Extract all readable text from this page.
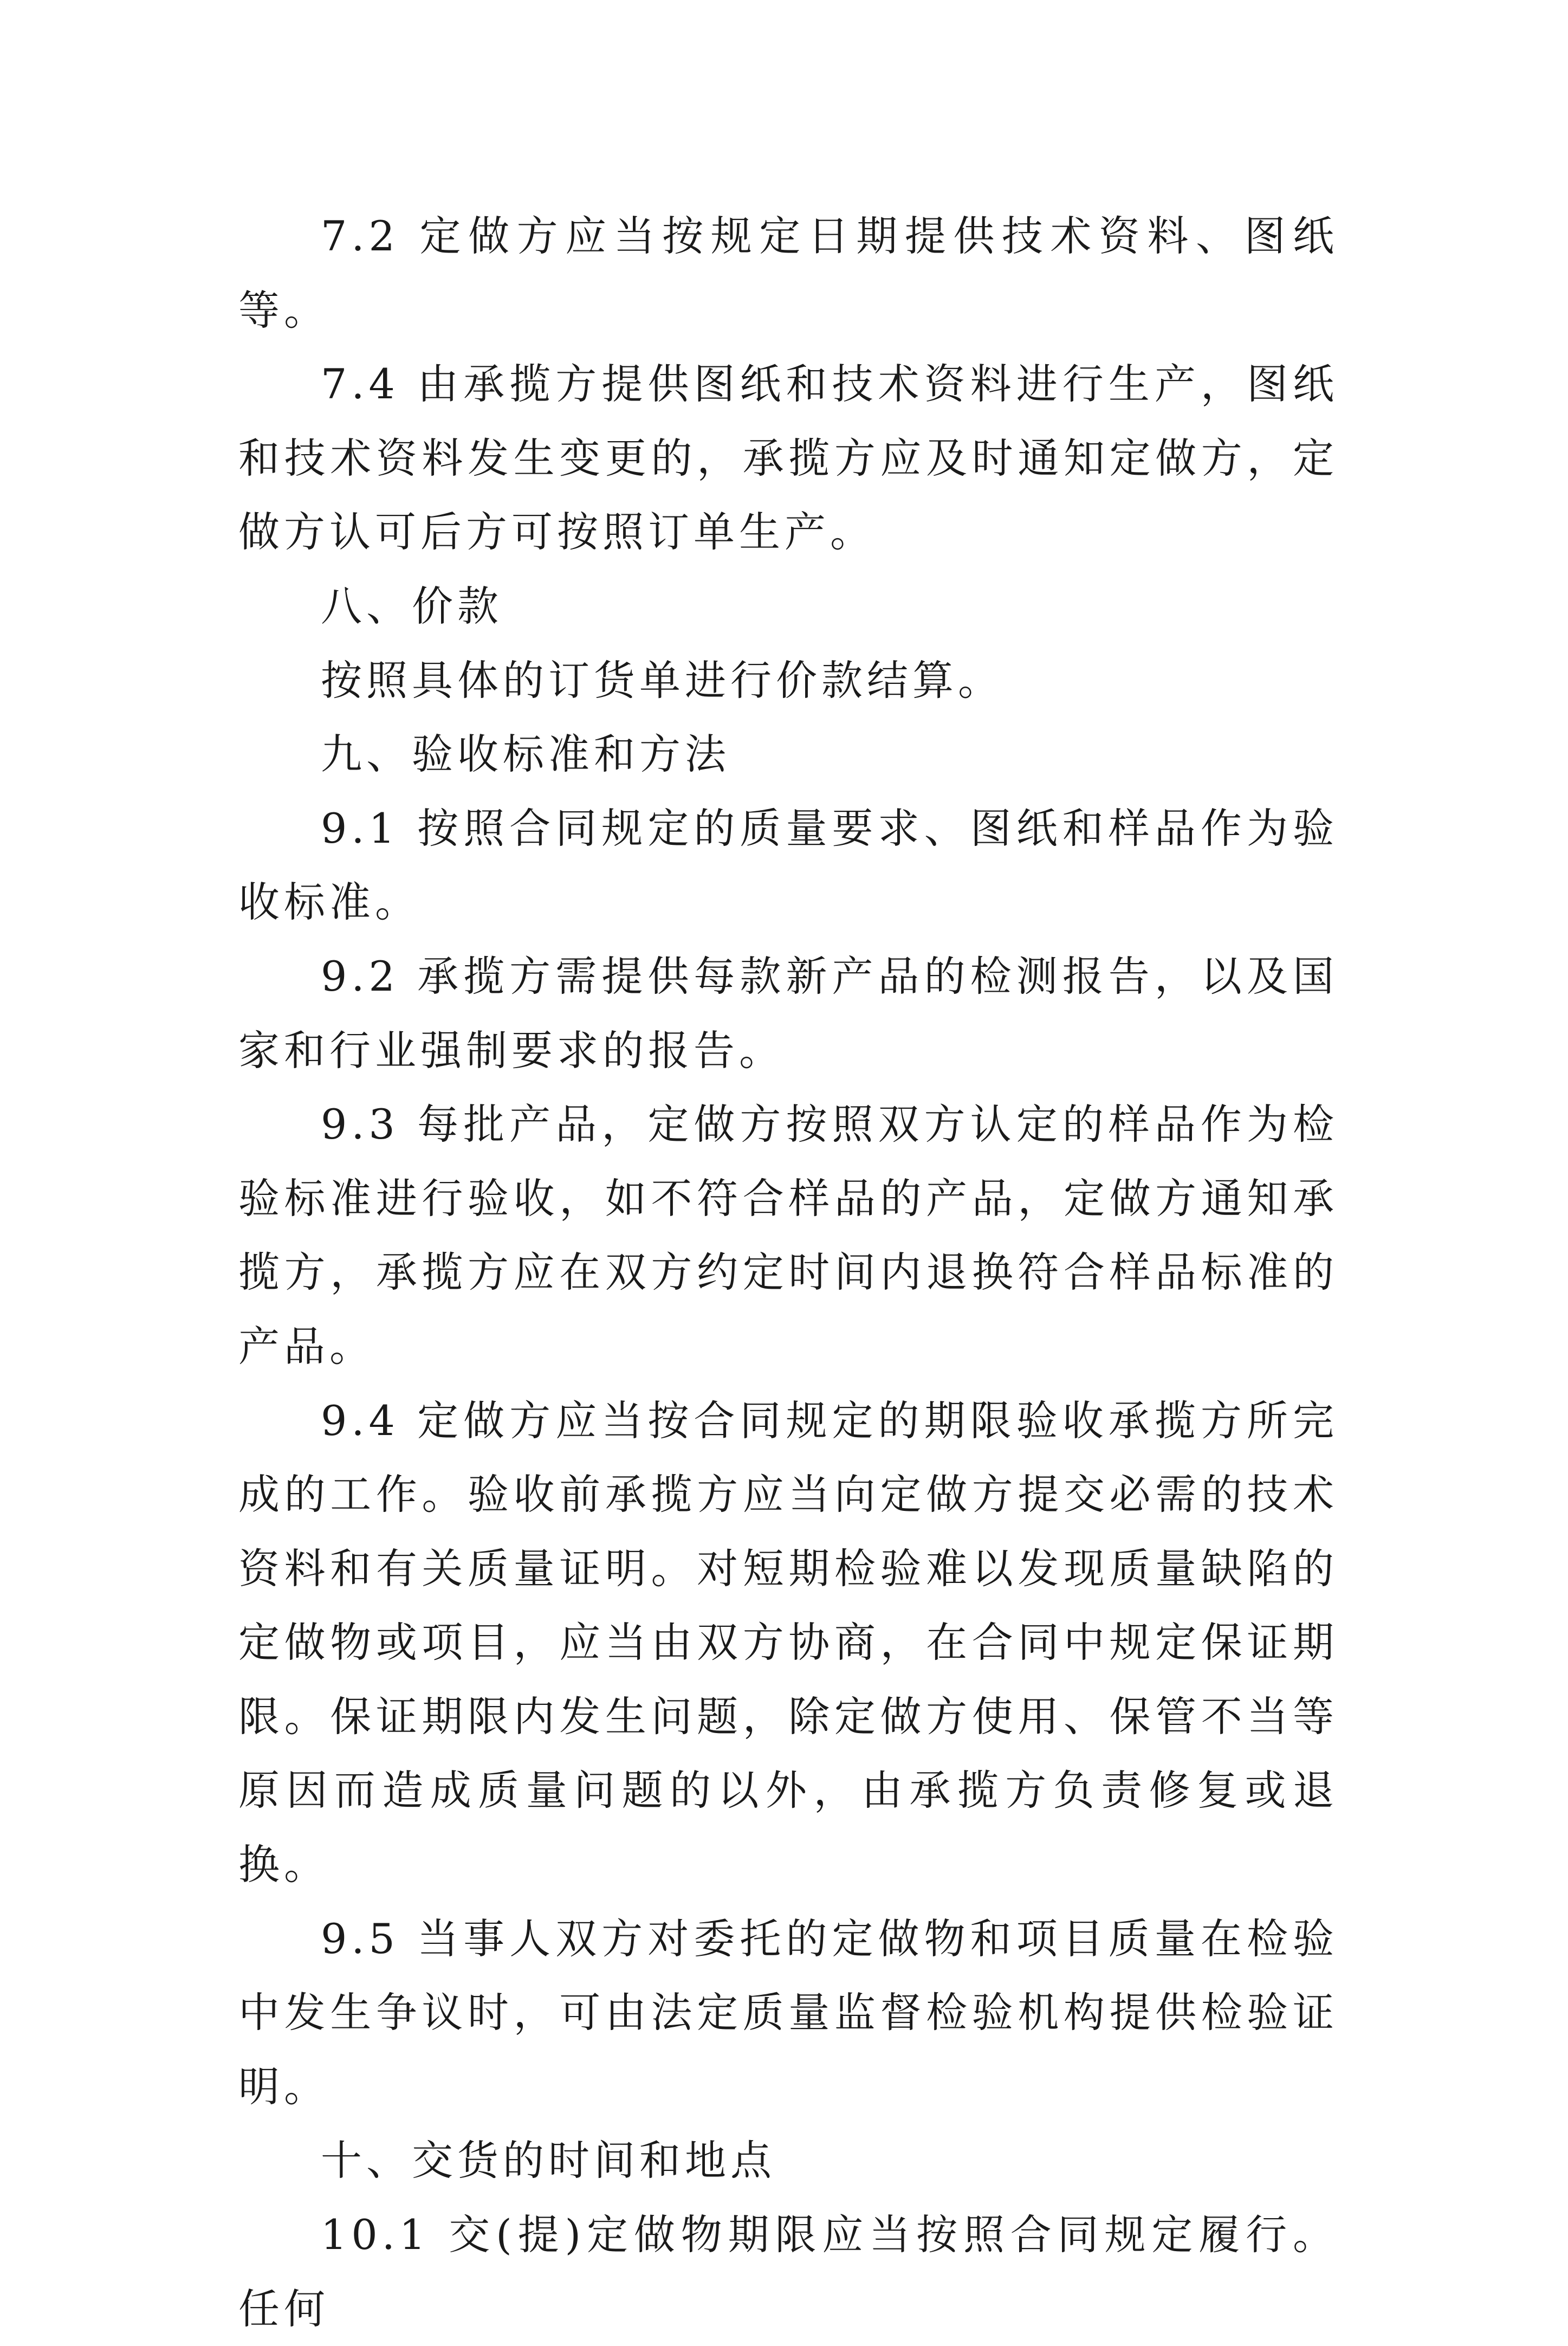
7.2 定做方应当按规定日期提供技术资料、图纸等。

7.4 由承揽方提供图纸和技术资料进行生产，图纸和技术资料发生变更的，承揽方应及时通知定做方，定做方认可后方可按照订单生产。

八、价款

按照具体的订货单进行价款结算。

九、验收标准和方法

9.1 按照合同规定的质量要求、图纸和样品作为验收标准。

9.2 承揽方需提供每款新产品的检测报告，以及国家和行业强制要求的报告。

9.3 每批产品，定做方按照双方认定的样品作为检验标准进行验收，如不符合样品的产品，定做方通知承揽方，承揽方应在双方约定时间内退换符合样品标准的产品。

9.4 定做方应当按合同规定的期限验收承揽方所完成的工作。验收前承揽方应当向定做方提交必需的技术资料和有关质量证明。对短期检验难以发现质量缺陷的定做物或项目，应当由双方协商，在合同中规定保证期限。保证期限内发生问题，除定做方使用、保管不当等原因而造成质量问题的以外，由承揽方负责修复或退换。

9.5 当事人双方对委托的定做物和项目质量在检验中发生争议时，可由法定质量监督检验机构提供检验证明。

十、交货的时间和地点

10.1 交(提)定做物期限应当按照合同规定履行。任何
